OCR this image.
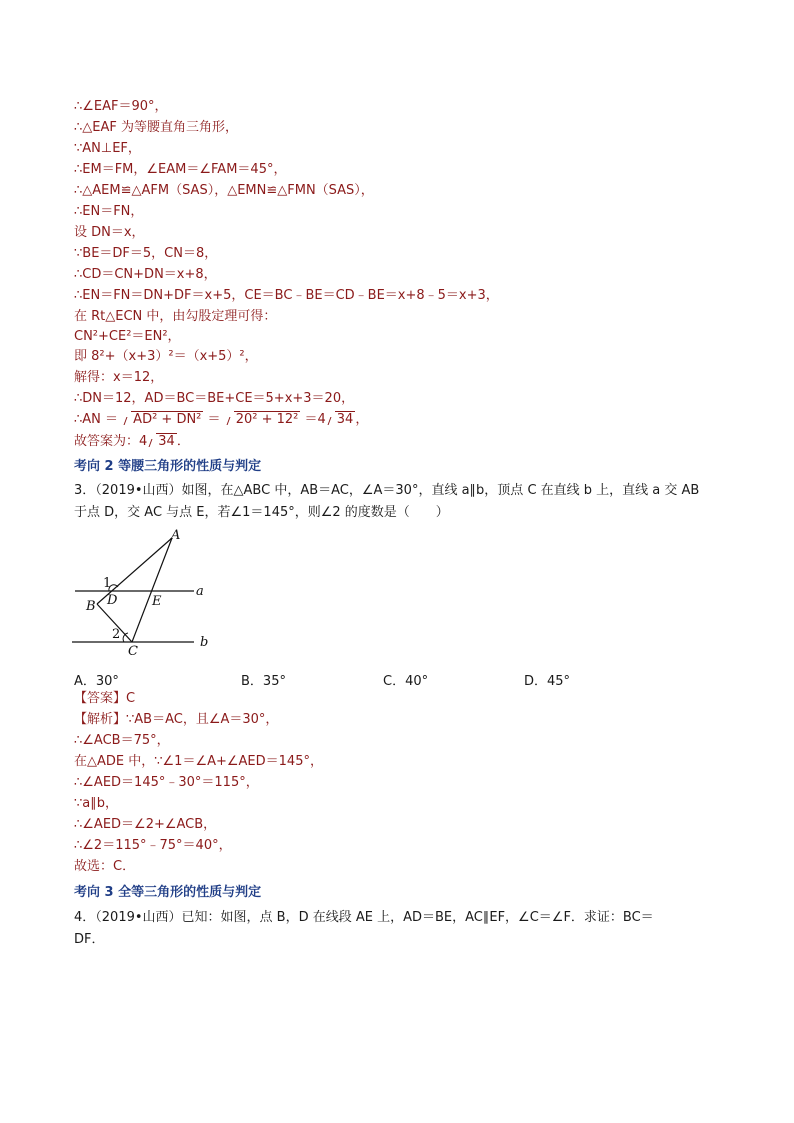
∴∠EAF＝90°，
∴△EAF 为等腰直角三角形，
∵AN⊥EF，
∴EM＝FM，∠EAM＝∠FAM＝45°，
∴△AEM≌△AFM（SAS），△EMN≌△FMN（SAS），
∴EN＝FN，
设 DN＝x，
∵BE＝DF＝5，CN＝8，
∴CD＝CN+DN＝x+8，
∴EN＝FN＝DN+DF＝x+5，CE＝BC﹣BE＝CD﹣BE＝x+8﹣5＝x+3，
在 Rt△ECN 中，由勾股定理可得：
CN²+CE²＝EN²，
即 8²+（x+3）²＝（x+5）²，
解得：x＝12，
∴DN＝12，AD＝BC＝BE+CE＝5+x+3＝20，
∴AN ＝ AD² + DN² ＝ 20² + 12² ＝4 34 ，
故答案为：4 34 ．
考向 2 等腰三角形的性质与判定
3．（2019•山西）如图，在△ABC 中，AB＝AC，∠A＝30°，直线 a∥b，顶点 C 在直线 b 上，直线 a 交 AB
于点 D，交 AC 与点 E，若∠1＝145°，则∠2 的度数是（　　）
A
B
C
D	E
a
b
1
2
A．30°	B．35°	C．40°	D．45°
【答案】C
【解析】∵AB＝AC，且∠A＝30°，
∴∠ACB＝75°，
在△ADE 中，∵∠1＝∠A+∠AED＝145°，
∴∠AED＝145°﹣30°＝115°，
∵a∥b，
∴∠AED＝∠2+∠ACB，
∴∠2＝115°﹣75°＝40°，
故选：C．
考向 3 全等三角形的性质与判定
4．（2019•山西）已知：如图，点 B，D 在线段 AE 上，AD＝BE，AC∥EF，∠C＝∠F．求证：BC＝
DF．
